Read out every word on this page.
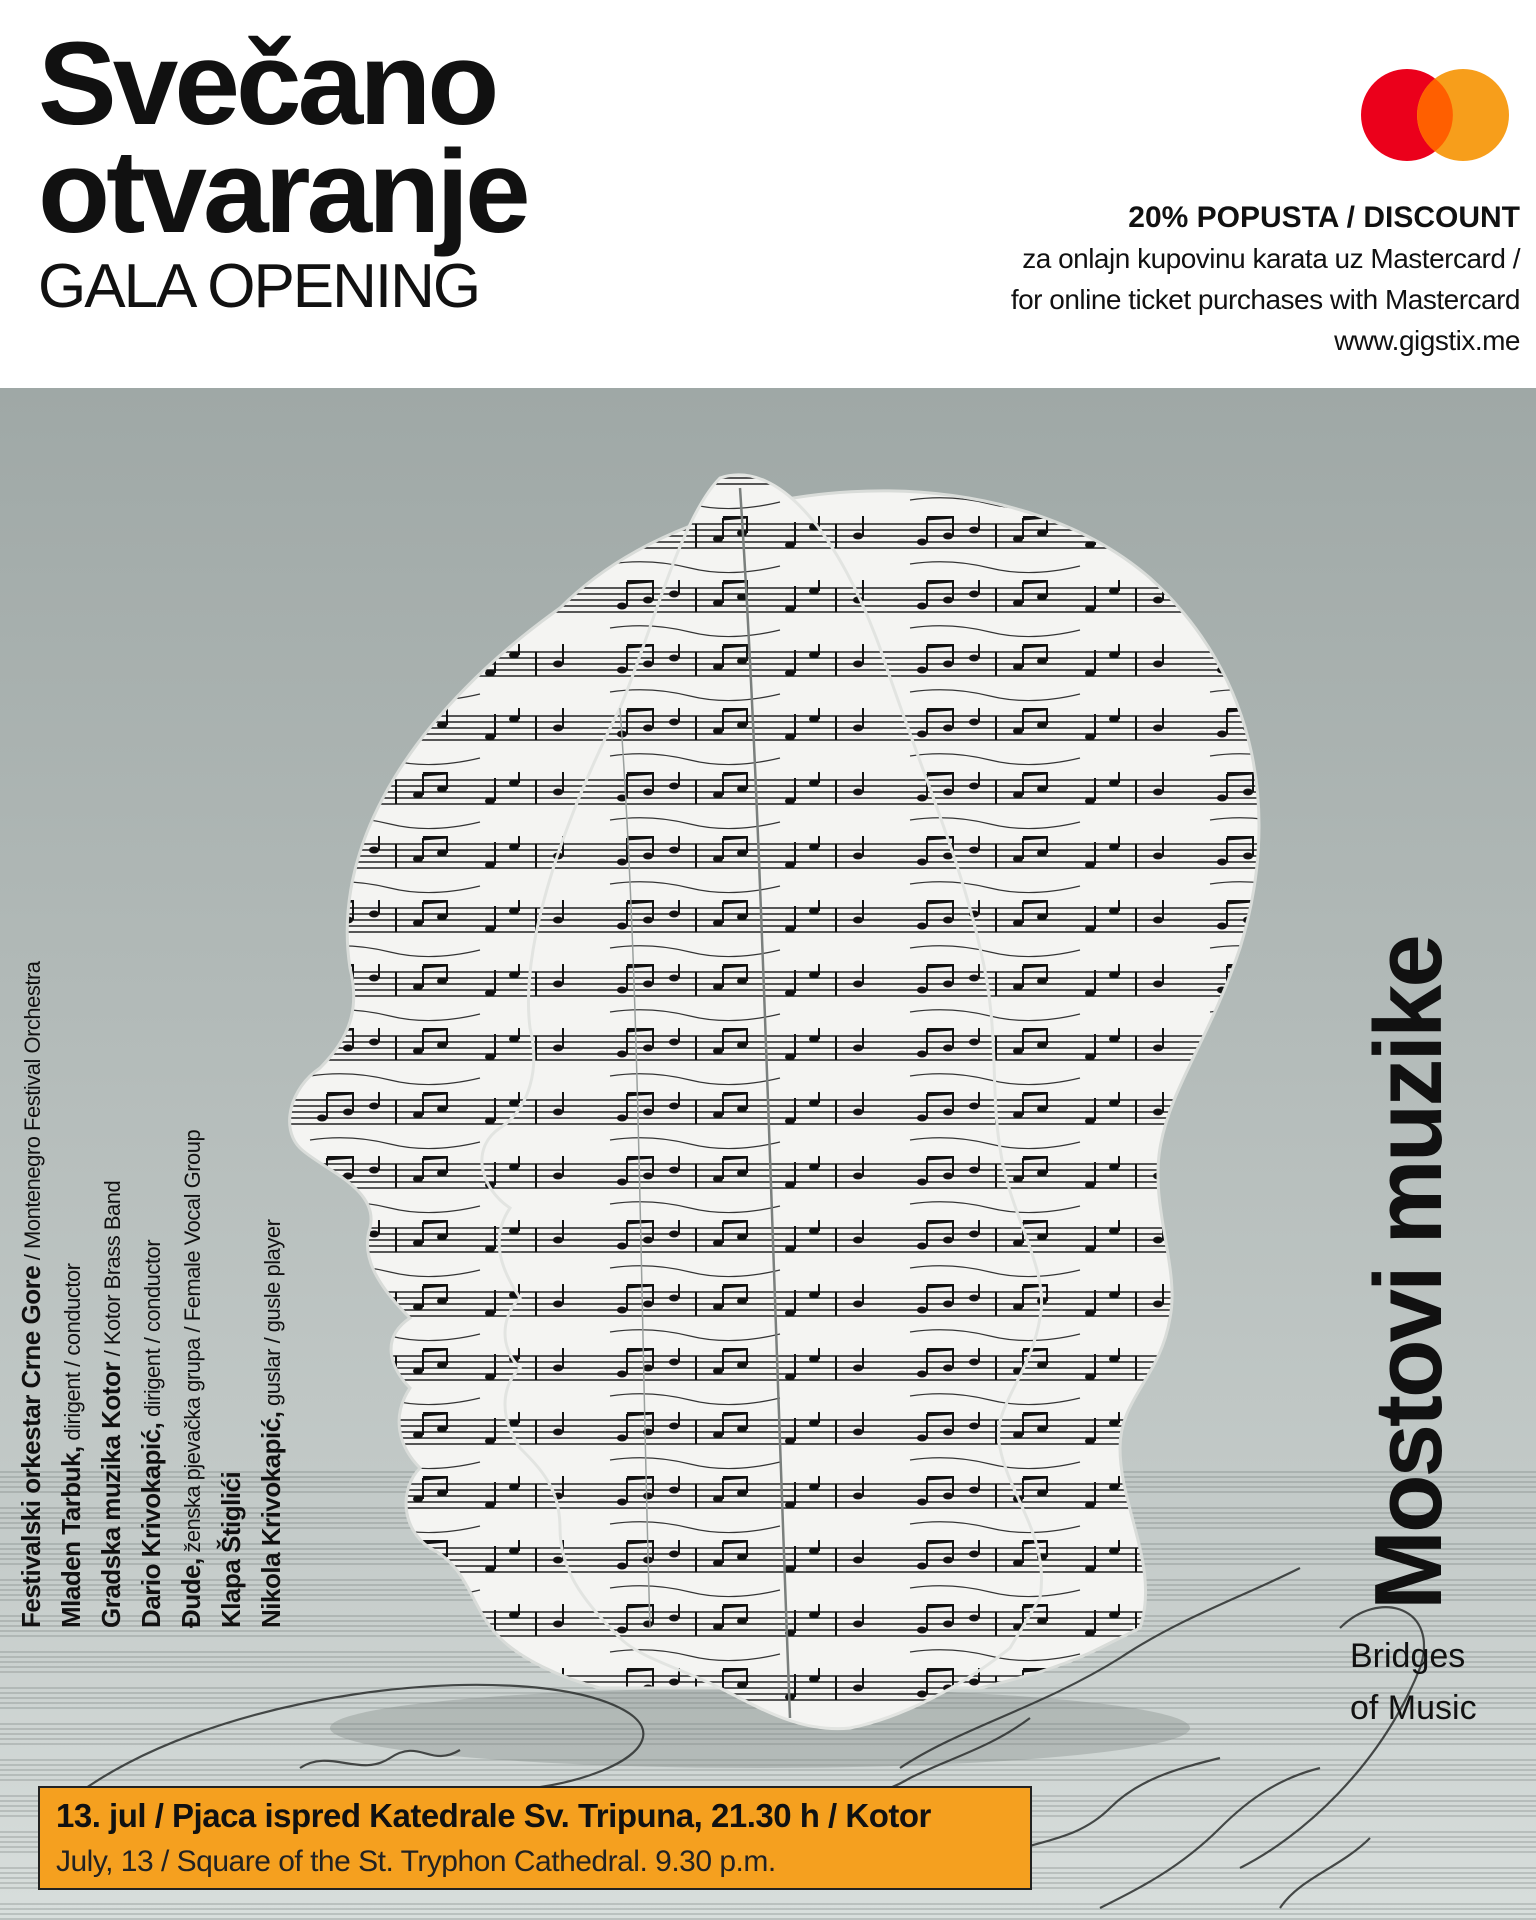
Svečano
otvaranje
GALA OPENING
20% POPUSTA / DISCOUNT
za onlajn kupovinu karata uz Mastercard /
for online ticket purchases with Mastercard
www.gigstix.me
Festivalski orkestar Crne Gore / Montenegro Festival Orchestra
Mladen Tarbuk, dirigent / conductor
Gradska muzika Kotor / Kotor Brass Band
Dario Krivokapić, dirigent / conductor
Đude, ženska pjevačka grupa / Female Vocal Group Klapa Štiglići Nikola Krivokapić, guslar / gusle player	Mostovi muzike
Bridges
of Music
13. jul / Pjaca ispred Katedrale Sv. Tripuna, 21.30 h / Kotor
July, 13 / Square of the St. Tryphon Cathedral. 9.30 p.m.
